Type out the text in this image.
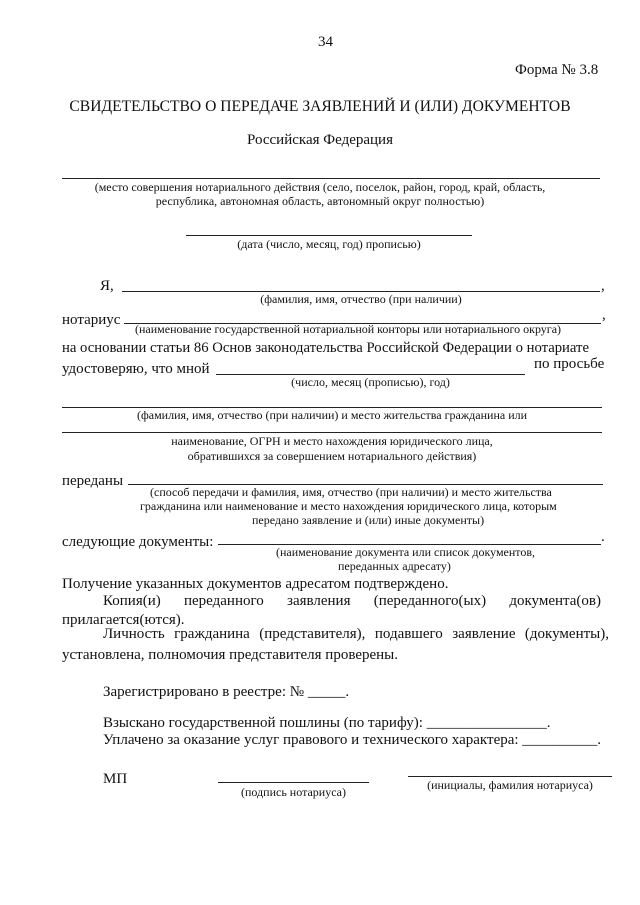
34
Форма № 3.8
СВИДЕТЕЛЬСТВО О ПЕРЕДАЧЕ ЗАЯВЛЕНИЙ И (ИЛИ) ДОКУМЕНТОВ
Российская Федерация
(место совершения нотариального действия (село, поселок, район, город, край, область,
республика, автономная область, автономный округ полностью)
(дата (число, месяц, год) прописью)
Я,	,
(фамилия, имя, отчество (при наличии)
нотариус	,
(наименование государственной нотариальной конторы или нотариального округа)
на основании статьи 86 Основ законодательства Российской Федерации о нотариате
удостоверяю, что мной	по просьбе
(число, месяц (прописью), год)
(фамилия, имя, отчество (при наличии) и место жительства гражданина или
наименование, ОГРН и место нахождения юридического лица,
обратившихся за совершением нотариального действия)
переданы
(способ передачи и фамилия, имя, отчество (при наличии) и место жительства
гражданина или наименование и место нахождения юридического лица, которым
передано заявление и (или) иные документы)
следующие документы:	.
(наименование документа или список документов,
переданных адресату)
Получение указанных документов адресатом подтверждено.
Копия(и) переданного заявления (переданного(ых) документа(ов)
прилагается(ются).
Личность гражданина (представителя), подавшего заявление (документы),
установлена, полномочия представителя проверены.
Зарегистрировано в реестре: № _____.
Взыскано государственной пошлины (по тарифу): ________________.
Уплачено за оказание услуг правового и технического характера: __________.
МП
(подпись нотариуса)	(инициалы, фамилия нотариуса)
